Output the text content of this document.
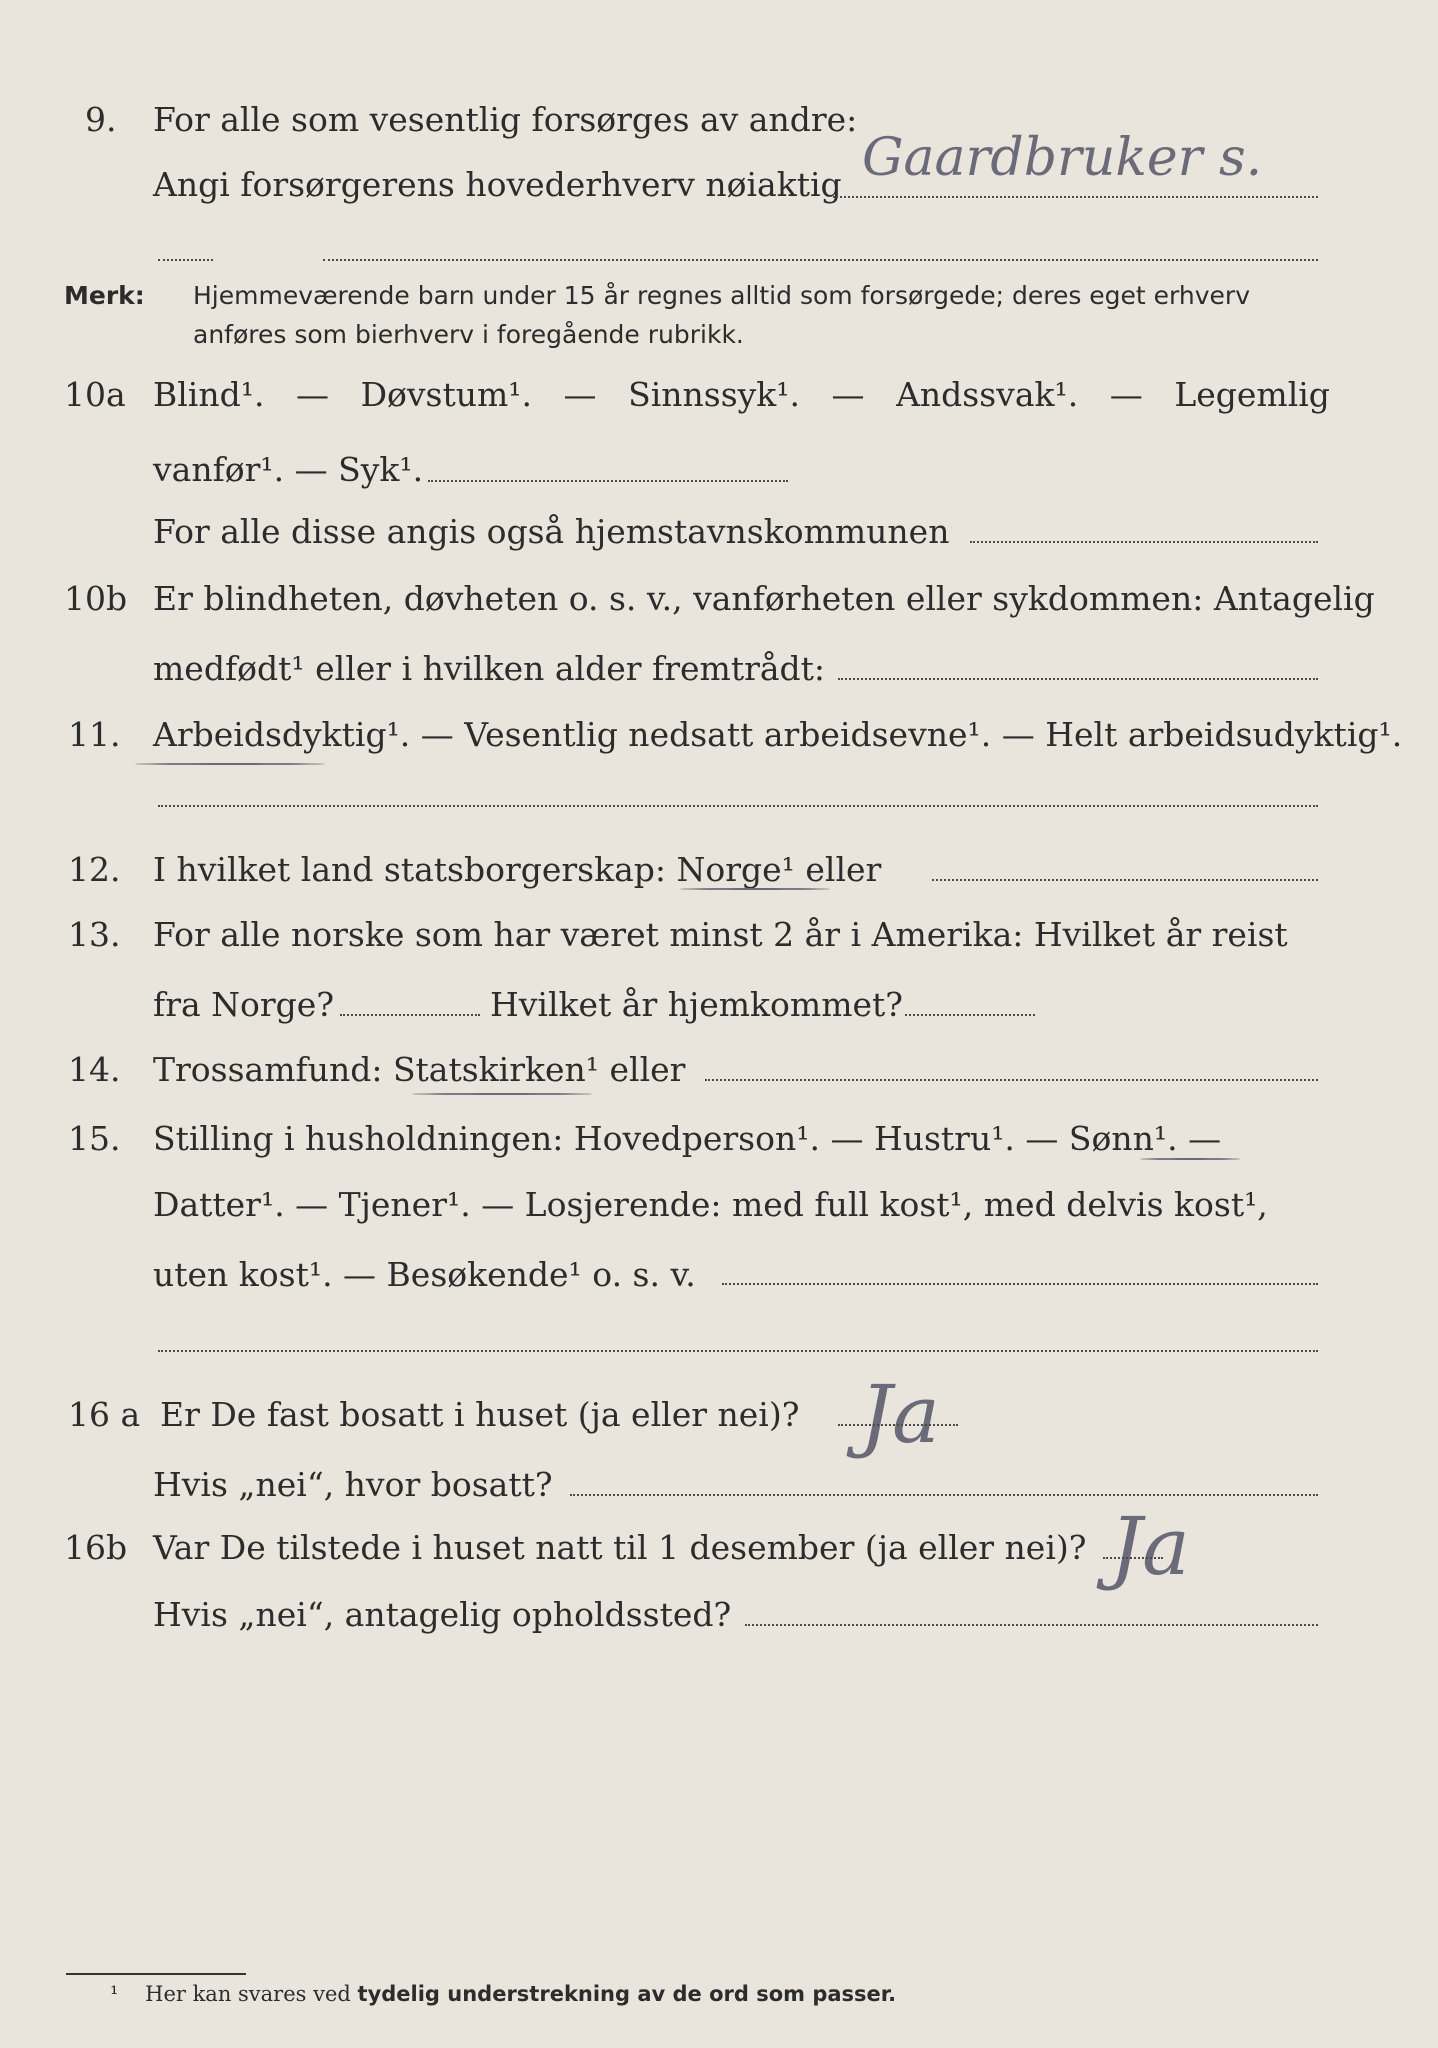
9. For alle som vesentlig forsørges av andre:
Gaardbruker s.
Angi forsørgerens hovederhverv nøiaktig
Merk: Hjemmeværende barn under 15 år regnes alltid som forsørgede; deres eget erhverv
anføres som bierhverv i foregående rubrikk.
10a Blind¹. — Døvstum¹. — Sinnssyk¹. — Andssvak¹. — Legemlig
vanfør¹. — Syk¹.
For alle disse angis også hjemstavnskommunen
10b Er blindheten, døvheten o. s. v., vanførheten eller sykdommen: Antagelig
medfødt¹ eller i hvilken alder fremtrådt:
11. Arbeidsdyktig¹. — Vesentlig nedsatt arbeidsevne¹. — Helt arbeidsudyktig¹.
12. I hvilket land statsborgerskap: Norge¹ eller
13. For alle norske som har været minst 2 år i Amerika: Hvilket år reist
fra Norge?	Hvilket år hjemkommet?
14. Trossamfund: Statskirken¹ eller
15. Stilling i husholdningen: Hovedperson¹. — Hustru¹. — Sønn¹. —
Datter¹. — Tjener¹. — Losjerende: med full kost¹, med delvis kost¹,
uten kost¹. — Besøkende¹ o. s. v.
16 a Er De fast bosatt i huset (ja eller nei)? Ja
Hvis „nei“, hvor bosatt?
16b Var De tilstede i huset natt til 1 desember (ja eller nei)? Ja
Hvis „nei“, antagelig opholdssted?
¹ Her kan svares ved tydelig understrekning av de ord som passer.
